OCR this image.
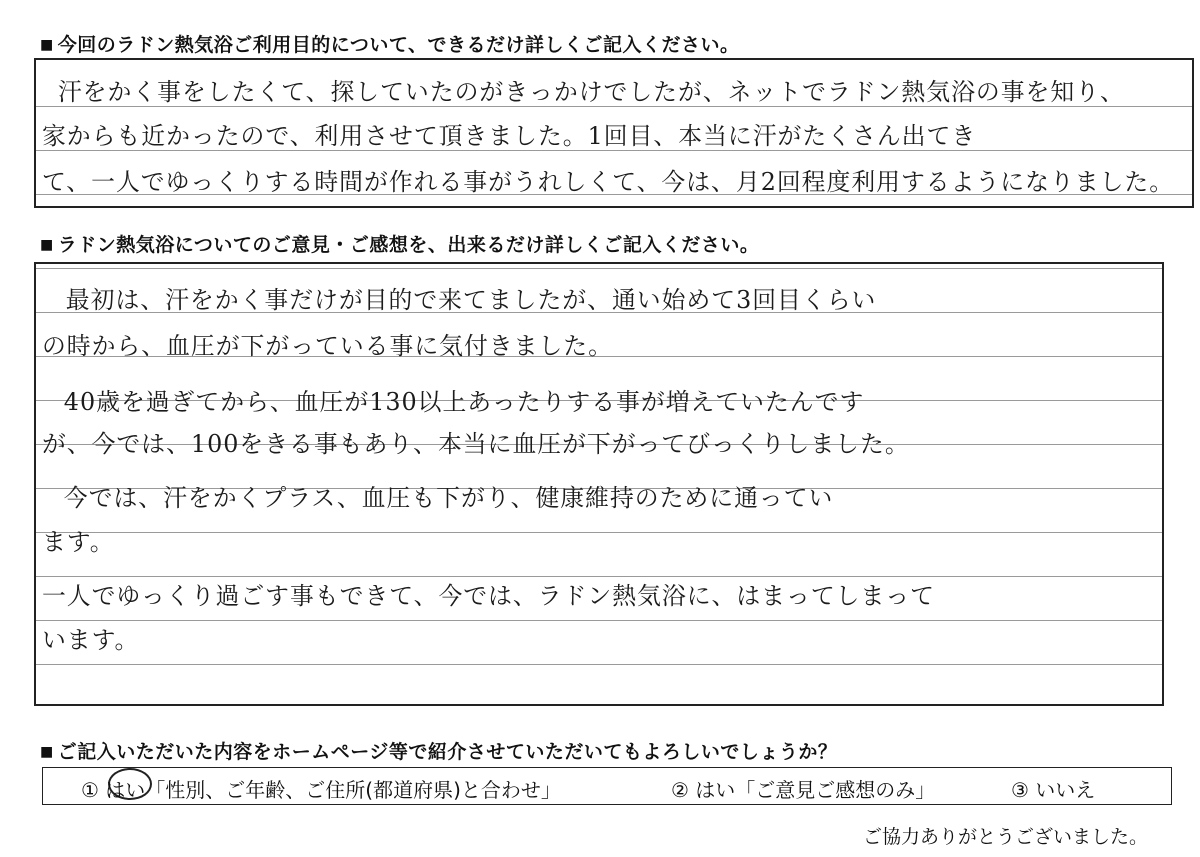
■ 今回のラドン熱気浴ご利用目的について、できるだけ詳しくご記入ください。

汗をかく事をしたくて、探していたのがきっかけでしたが、ネットでラドン熱気浴の事を知り、

家からも近かったので、利用させて頂きました。1回目、本当に汗がたくさん出てき

て、一人でゆっくりする時間が作れる事がうれしくて、今は、月2回程度利用するようになりました。

■ ラドン熱気浴についてのご意見・ご感想を、出来るだけ詳しくご記入ください。

最初は、汗をかく事だけが目的で来てましたが、通い始めて3回目くらい

の時から、血圧が下がっている事に気付きました。

40歳を過ぎてから、血圧が130以上あったりする事が増えていたんです

が、今では、100をきる事もあり、本当に血圧が下がってびっくりしました。

今では、汗をかくプラス、血圧も下がり、健康維持のために通ってい

ます。

一人でゆっくり過ごす事もできて、今では、ラドン熱気浴に、はまってしまって

います。

■ ご記入いただいた内容をホームページ等で紹介させていただいてもよろしいでしょうか？
① はい「性別、ご年齢、ご住所(都道府県)と合わせ」	② はい「ご意見ご感想のみ」	③ いいえ
ご協力ありがとうございました。
